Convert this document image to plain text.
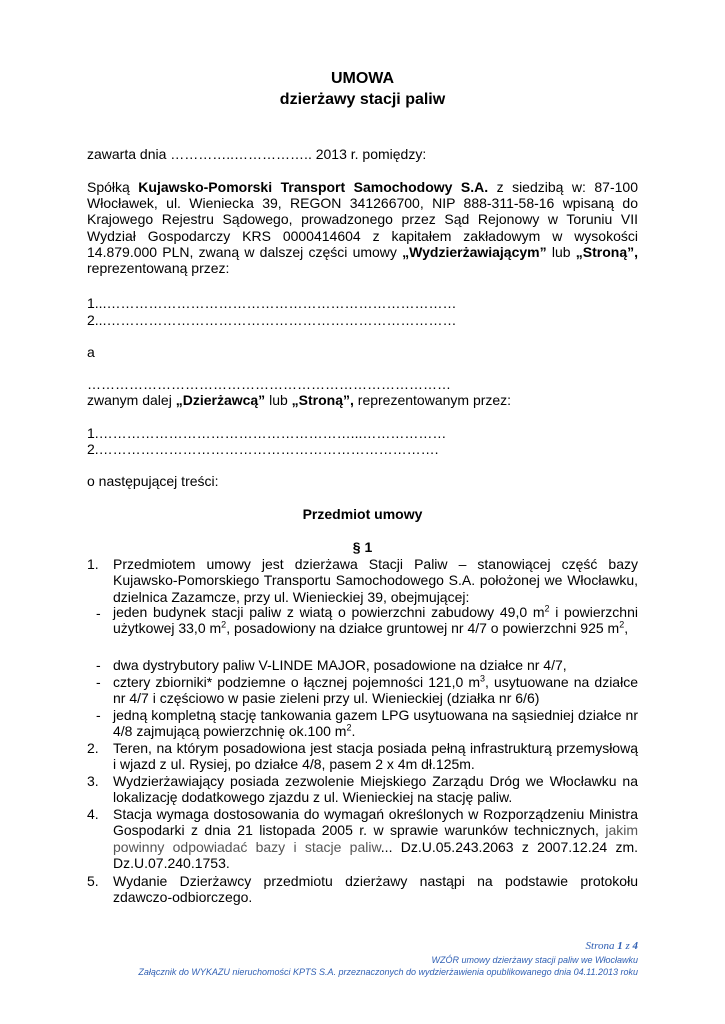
UMOWA
dzierżawy stacji paliw
zawarta dnia …………..…………….. 2013 r. pomiędzy:
Spółką Kujawsko-Pomorski Transport Samochodowy S.A. z siedzibą w: 87-100 Włocławek, ul. Wieniecka 39, REGON 341266700, NIP 888-311-58-16 wpisaną do Krajowego Rejestru Sądowego, prowadzonego przez Sąd Rejonowy w Toruniu VII Wydział Gospodarczy KRS 0000414604 z kapitałem zakładowym w wysokości 14.879.000 PLN, zwaną w dalszej części umowy „Wydzierżawiającym” lub „Stroną”, reprezentowaną przez:
1...…………………………………………………………………
2...…………………………………………………………………
a
……………………………………………………………………
zwanym dalej „Dzierżawcą” lub „Stroną”, reprezentowanym przez:
1.………………………………………………...………………
2.……………………………………………………………….
o następującej treści:
Przedmiot umowy
§ 1
1. Przedmiotem umowy jest dzierżawa Stacji Paliw – stanowiącej część bazy Kujawsko-Pomorskiego Transportu Samochodowego S.A. położonej we Włocławku, dzielnica Zazamcze, przy ul. Wienieckiej 39, obejmującej:
- jeden budynek stacji paliw z wiatą o powierzchni zabudowy 49,0 $m^2$ i powierzchni użytkowej 33,0 $m^2$, posadowiony na działce gruntowej nr 4/7 o powierzchni 925 $m^2$,
- dwa dystrybutory paliw V-LINDE MAJOR, posadowione na działce nr 4/7,
- cztery zbiorniki* podziemne o łącznej pojemności 121,0 $m^3$, usytuowane na działce nr 4/7 i częściowo w pasie zieleni przy ul. Wienieckiej (działka nr 6/6)
- jedną kompletną stację tankowania gazem LPG usytuowana na sąsiedniej działce nr 4/8 zajmującą powierzchnię ok.100 $m^2$.
2. Teren, na którym posadowiona jest stacja posiada pełną infrastrukturą przemysłową i wjazd z ul. Rysiej, po działce 4/8, pasem 2 x 4m dł.125m.
3. Wydzierżawiający posiada zezwolenie Miejskiego Zarządu Dróg we Włocławku na lokalizację dodatkowego zjazdu z ul. Wienieckiej na stację paliw.
4. Stacja wymaga dostosowania do wymagań określonych w Rozporządzeniu Ministra Gospodarki z dnia 21 listopada 2005 r. w sprawie warunków technicznych, jakim powinny odpowiadać bazy i stacje paliw... Dz.U.05.243.2063 z 2007.12.24 zm. Dz.U.07.240.1753.
5. Wydanie Dzierżawcy przedmiotu dzierżawy nastąpi na podstawie protokołu zdawczo-odbiorczego.
Strona 1 z 4
WZÓR umowy dzierżawy stacji paliw we Włocławku
Załącznik do WYKAZU nieruchomości KPTS S.A. przeznaczonych do wydzierżawienia opublikowanego dnia 04.11.2013 roku
